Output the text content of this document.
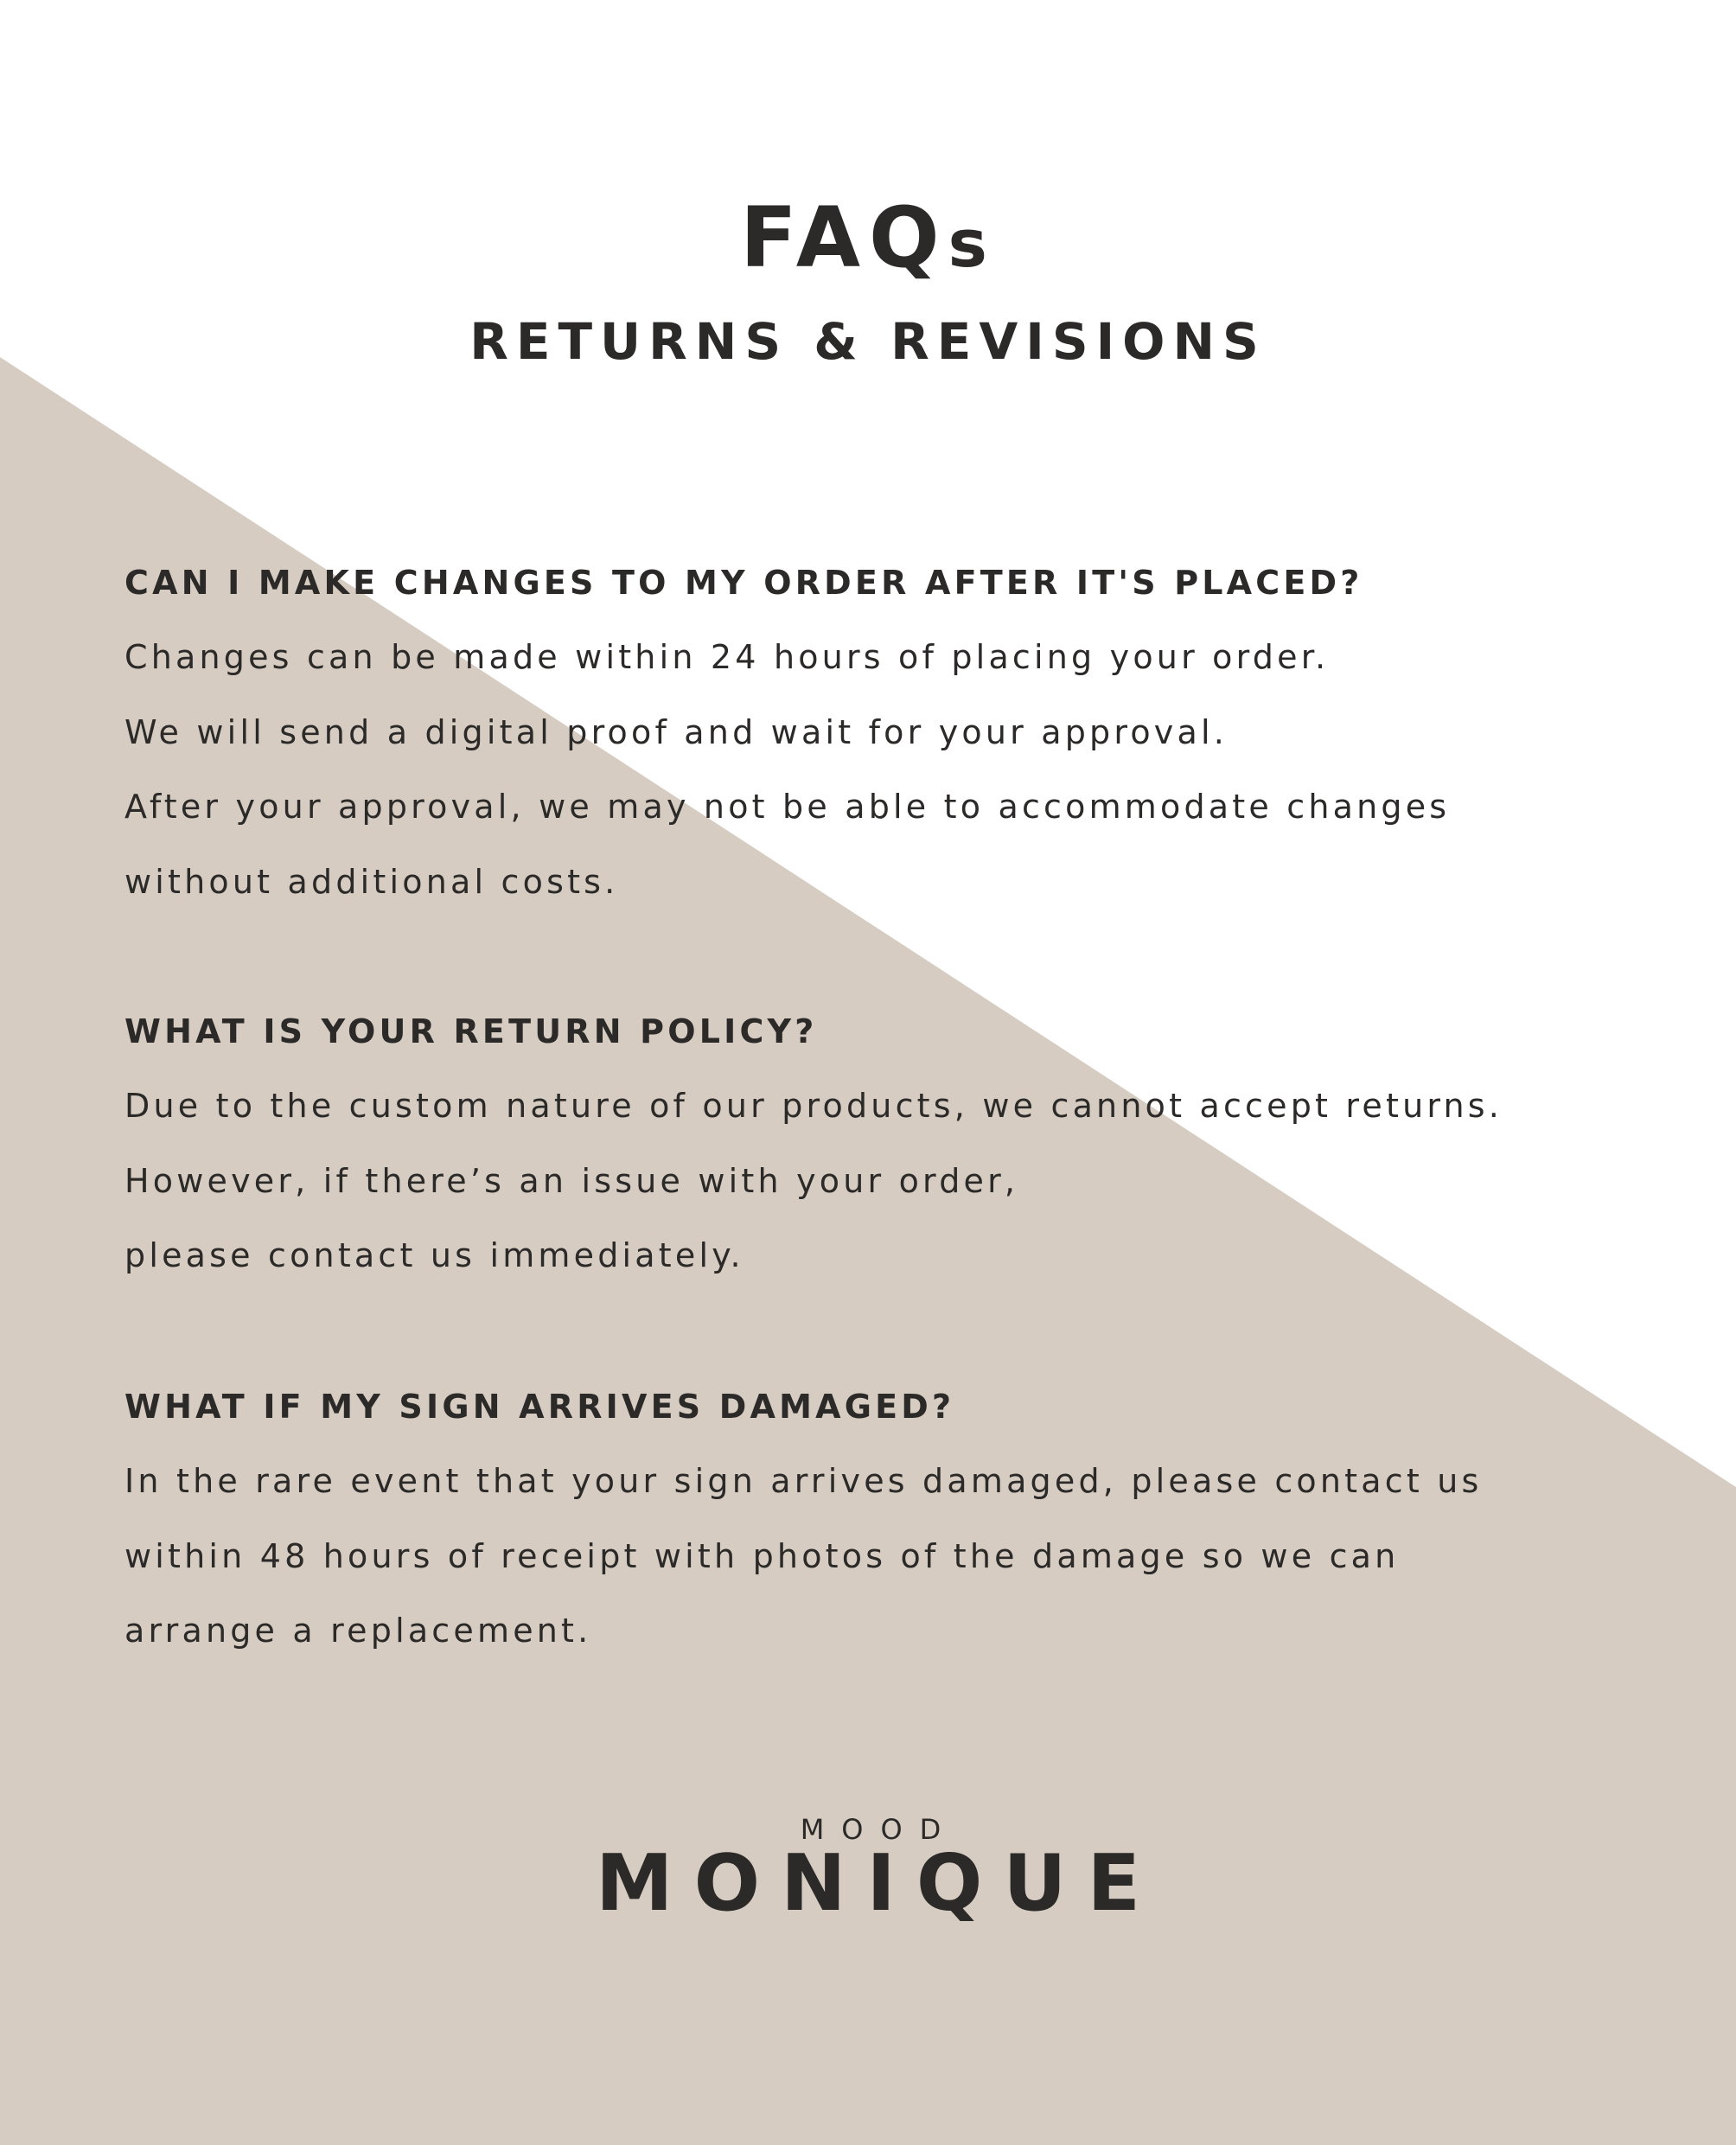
FAQs
RETURNS & REVISIONS
CAN I MAKE CHANGES TO MY ORDER AFTER IT'S PLACED?
Changes can be made within 24 hours of placing your order.
We will send a digital proof and wait for your approval.
After your approval, we may not be able to accommodate changes
without additional costs.
WHAT IS YOUR RETURN POLICY?
Due to the custom nature of our products, we cannot accept returns.
However, if there’s an issue with your order,
please contact us immediately.
WHAT IF MY SIGN ARRIVES DAMAGED?
In the rare event that your sign arrives damaged, please contact us
within 48 hours of receipt with photos of the damage so we can
arrange a replacement.
MOOD
MONIQUE
